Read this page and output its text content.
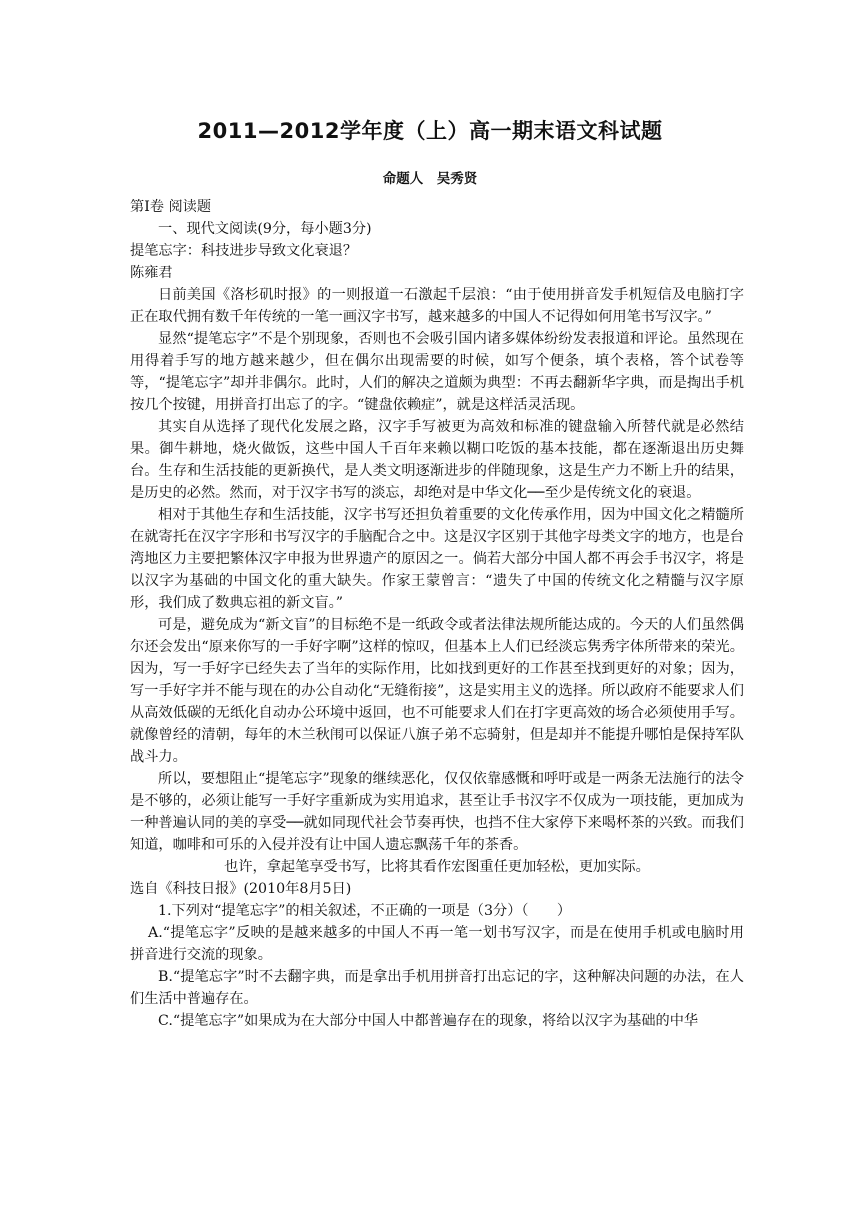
2011—2012学年度（上）高一期末语文科试题
命题人　吴秀贤

第Ⅰ卷 阅读题

一、现代文阅读(9分，每小题3分)

提笔忘字：科技进步导致文化衰退？

陈雍君

日前美国《洛杉矶时报》的一则报道一石激起千层浪：“由于使用拼音发手机短信及电脑打字正在取代拥有数千年传统的一笔一画汉字书写，越来越多的中国人不记得如何用笔书写汉字。”

显然“提笔忘字”不是个别现象，否则也不会吸引国内诸多媒体纷纷发表报道和评论。虽然现在用得着手写的地方越来越少，但在偶尔出现需要的时候，如写个便条，填个表格，答个试卷等等，“提笔忘字”却并非偶尔。此时，人们的解决之道颇为典型：不再去翻新华字典，而是掏出手机按几个按键，用拼音打出忘了的字。“键盘依赖症”，就是这样活灵活现。

其实自从选择了现代化发展之路，汉字手写被更为高效和标准的键盘输入所替代就是必然结果。御牛耕地，烧火做饭，这些中国人千百年来赖以糊口吃饭的基本技能，都在逐渐退出历史舞台。生存和生活技能的更新换代，是人类文明逐渐进步的伴随现象，这是生产力不断上升的结果，是历史的必然。然而，对于汉字书写的淡忘，却绝对是中华文化──至少是传统文化的衰退。

相对于其他生存和生活技能，汉字书写还担负着重要的文化传承作用，因为中国文化之精髓所在就寄托在汉字字形和书写汉字的手脑配合之中。这是汉字区别于其他字母类文字的地方，也是台湾地区力主要把繁体汉字申报为世界遗产的原因之一。倘若大部分中国人都不再会手书汉字，将是以汉字为基础的中国文化的重大缺失。作家王蒙曾言：“遗失了中国的传统文化之精髓与汉字原形，我们成了数典忘祖的新文盲。”

可是，避免成为“新文盲”的目标绝不是一纸政令或者法律法规所能达成的。今天的人们虽然偶尔还会发出“原来你写的一手好字啊”这样的惊叹，但基本上人们已经淡忘隽秀字体所带来的荣光。因为，写一手好字已经失去了当年的实际作用，比如找到更好的工作甚至找到更好的对象；因为，写一手好字并不能与现在的办公自动化“无缝衔接”，这是实用主义的选择。所以政府不能要求人们从高效低碳的无纸化自动办公环境中返回，也不可能要求人们在打字更高效的场合必须使用手写。就像曾经的清朝，每年的木兰秋闱可以保证八旗子弟不忘骑射，但是却并不能提升哪怕是保持军队战斗力。

所以，要想阻止“提笔忘字”现象的继续恶化，仅仅依靠感慨和呼吁或是一两条无法施行的法令是不够的，必须让能写一手好字重新成为实用追求，甚至让手书汉字不仅成为一项技能，更加成为一种普遍认同的美的享受──就如同现代社会节奏再快，也挡不住大家停下来喝杯茶的兴致。而我们知道，咖啡和可乐的入侵并没有让中国人遗忘飘荡千年的茶香。

也许，拿起笔享受书写，比将其看作宏图重任更加轻松，更加实际。

选自《科技日报》(2010年8月5日)

1.下列对“提笔忘字”的相关叙述，不正确的一项是（3分）（　　）

A.“提笔忘字”反映的是越来越多的中国人不再一笔一划书写汉字，而是在使用手机或电脑时用拼音进行交流的现象。

B.“提笔忘字”时不去翻字典，而是拿出手机用拼音打出忘记的字，这种解决问题的办法，在人们生活中普遍存在。

C.“提笔忘字”如果成为在大部分中国人中都普遍存在的现象，将给以汉字为基础的中华
